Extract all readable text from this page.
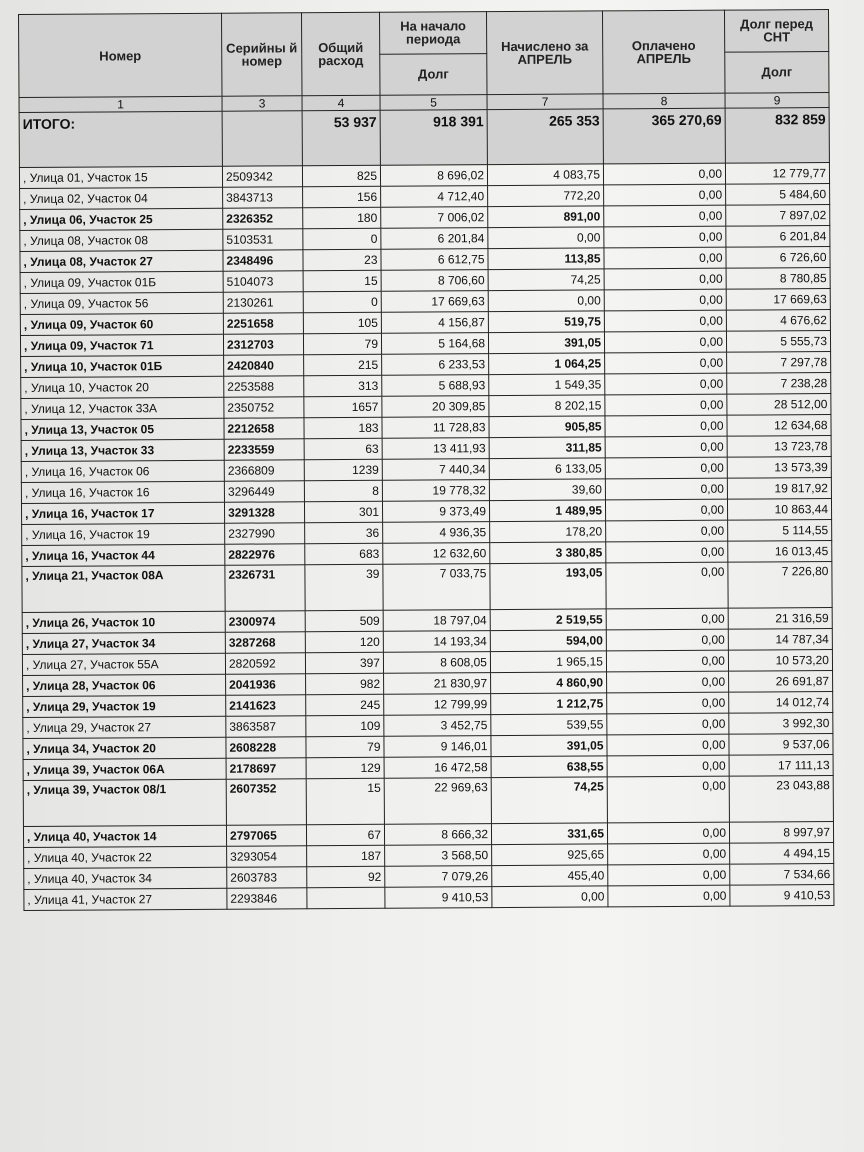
Номер	Серийны й номер	Общий расход	На начало периода	Начислено за АПРЕЛЬ	Оплачено АПРЕЛЬ	Долг перед СНТ
			Долг			Долг
1	3	4	5	7	8	9
ИТОГО:		53 937	918 391	265 353	365 270,69	832 859
, Улица 01, Участок 15	2509342	825	8 696,02	4 083,75	0,00	12 779,77
, Улица 02, Участок 04	3843713	156	4 712,40	772,20	0,00	5 484,60
, Улица 06, Участок 25	2326352	180	7 006,02	891,00	0,00	7 897,02
, Улица 08, Участок 08	5103531	0	6 201,84	0,00	0,00	6 201,84
, Улица 08, Участок 27	2348496	23	6 612,75	113,85	0,00	6 726,60
, Улица 09, Участок 01Б	5104073	15	8 706,60	74,25	0,00	8 780,85
, Улица 09, Участок 56	2130261	0	17 669,63	0,00	0,00	17 669,63
, Улица 09, Участок 60	2251658	105	4 156,87	519,75	0,00	4 676,62
, Улица 09, Участок 71	2312703	79	5 164,68	391,05	0,00	5 555,73
, Улица 10, Участок 01Б	2420840	215	6 233,53	1 064,25	0,00	7 297,78
, Улица 10, Участок 20	2253588	313	5 688,93	1 549,35	0,00	7 238,28
, Улица 12, Участок 33А	2350752	1657	20 309,85	8 202,15	0,00	28 512,00
, Улица 13, Участок 05	2212658	183	11 728,83	905,85	0,00	12 634,68
, Улица 13, Участок 33	2233559	63	13 411,93	311,85	0,00	13 723,78
, Улица 16, Участок 06	2366809	1239	7 440,34	6 133,05	0,00	13 573,39
, Улица 16, Участок 16	3296449	8	19 778,32	39,60	0,00	19 817,92
, Улица 16, Участок 17	3291328	301	9 373,49	1 489,95	0,00	10 863,44
, Улица 16, Участок 19	2327990	36	4 936,35	178,20	0,00	5 114,55
, Улица 16, Участок 44	2822976	683	12 632,60	3 380,85	0,00	16 013,45
, Улица 21, Участок 08А	2326731	39	7 033,75	193,05	0,00	7 226,80
, Улица 26, Участок 10	2300974	509	18 797,04	2 519,55	0,00	21 316,59
, Улица 27, Участок 34	3287268	120	14 193,34	594,00	0,00	14 787,34
, Улица 27, Участок 55А	2820592	397	8 608,05	1 965,15	0,00	10 573,20
, Улица 28, Участок 06	2041936	982	21 830,97	4 860,90	0,00	26 691,87
, Улица 29, Участок 19	2141623	245	12 799,99	1 212,75	0,00	14 012,74
, Улица 29, Участок 27	3863587	109	3 452,75	539,55	0,00	3 992,30
, Улица 34, Участок 20	2608228	79	9 146,01	391,05	0,00	9 537,06
, Улица 39, Участок 06А	2178697	129	16 472,58	638,55	0,00	17 111,13
, Улица 39, Участок 08/1	2607352	15	22 969,63	74,25	0,00	23 043,88
, Улица 40, Участок 14	2797065	67	8 666,32	331,65	0,00	8 997,97
, Улица 40, Участок 22	3293054	187	3 568,50	925,65	0,00	4 494,15
, Улица 40, Участок 34	2603783	92	7 079,26	455,40	0,00	7 534,66
, Улица 41, Участок 27	2293846		9 410,53	0,00	0,00	9 410,53
